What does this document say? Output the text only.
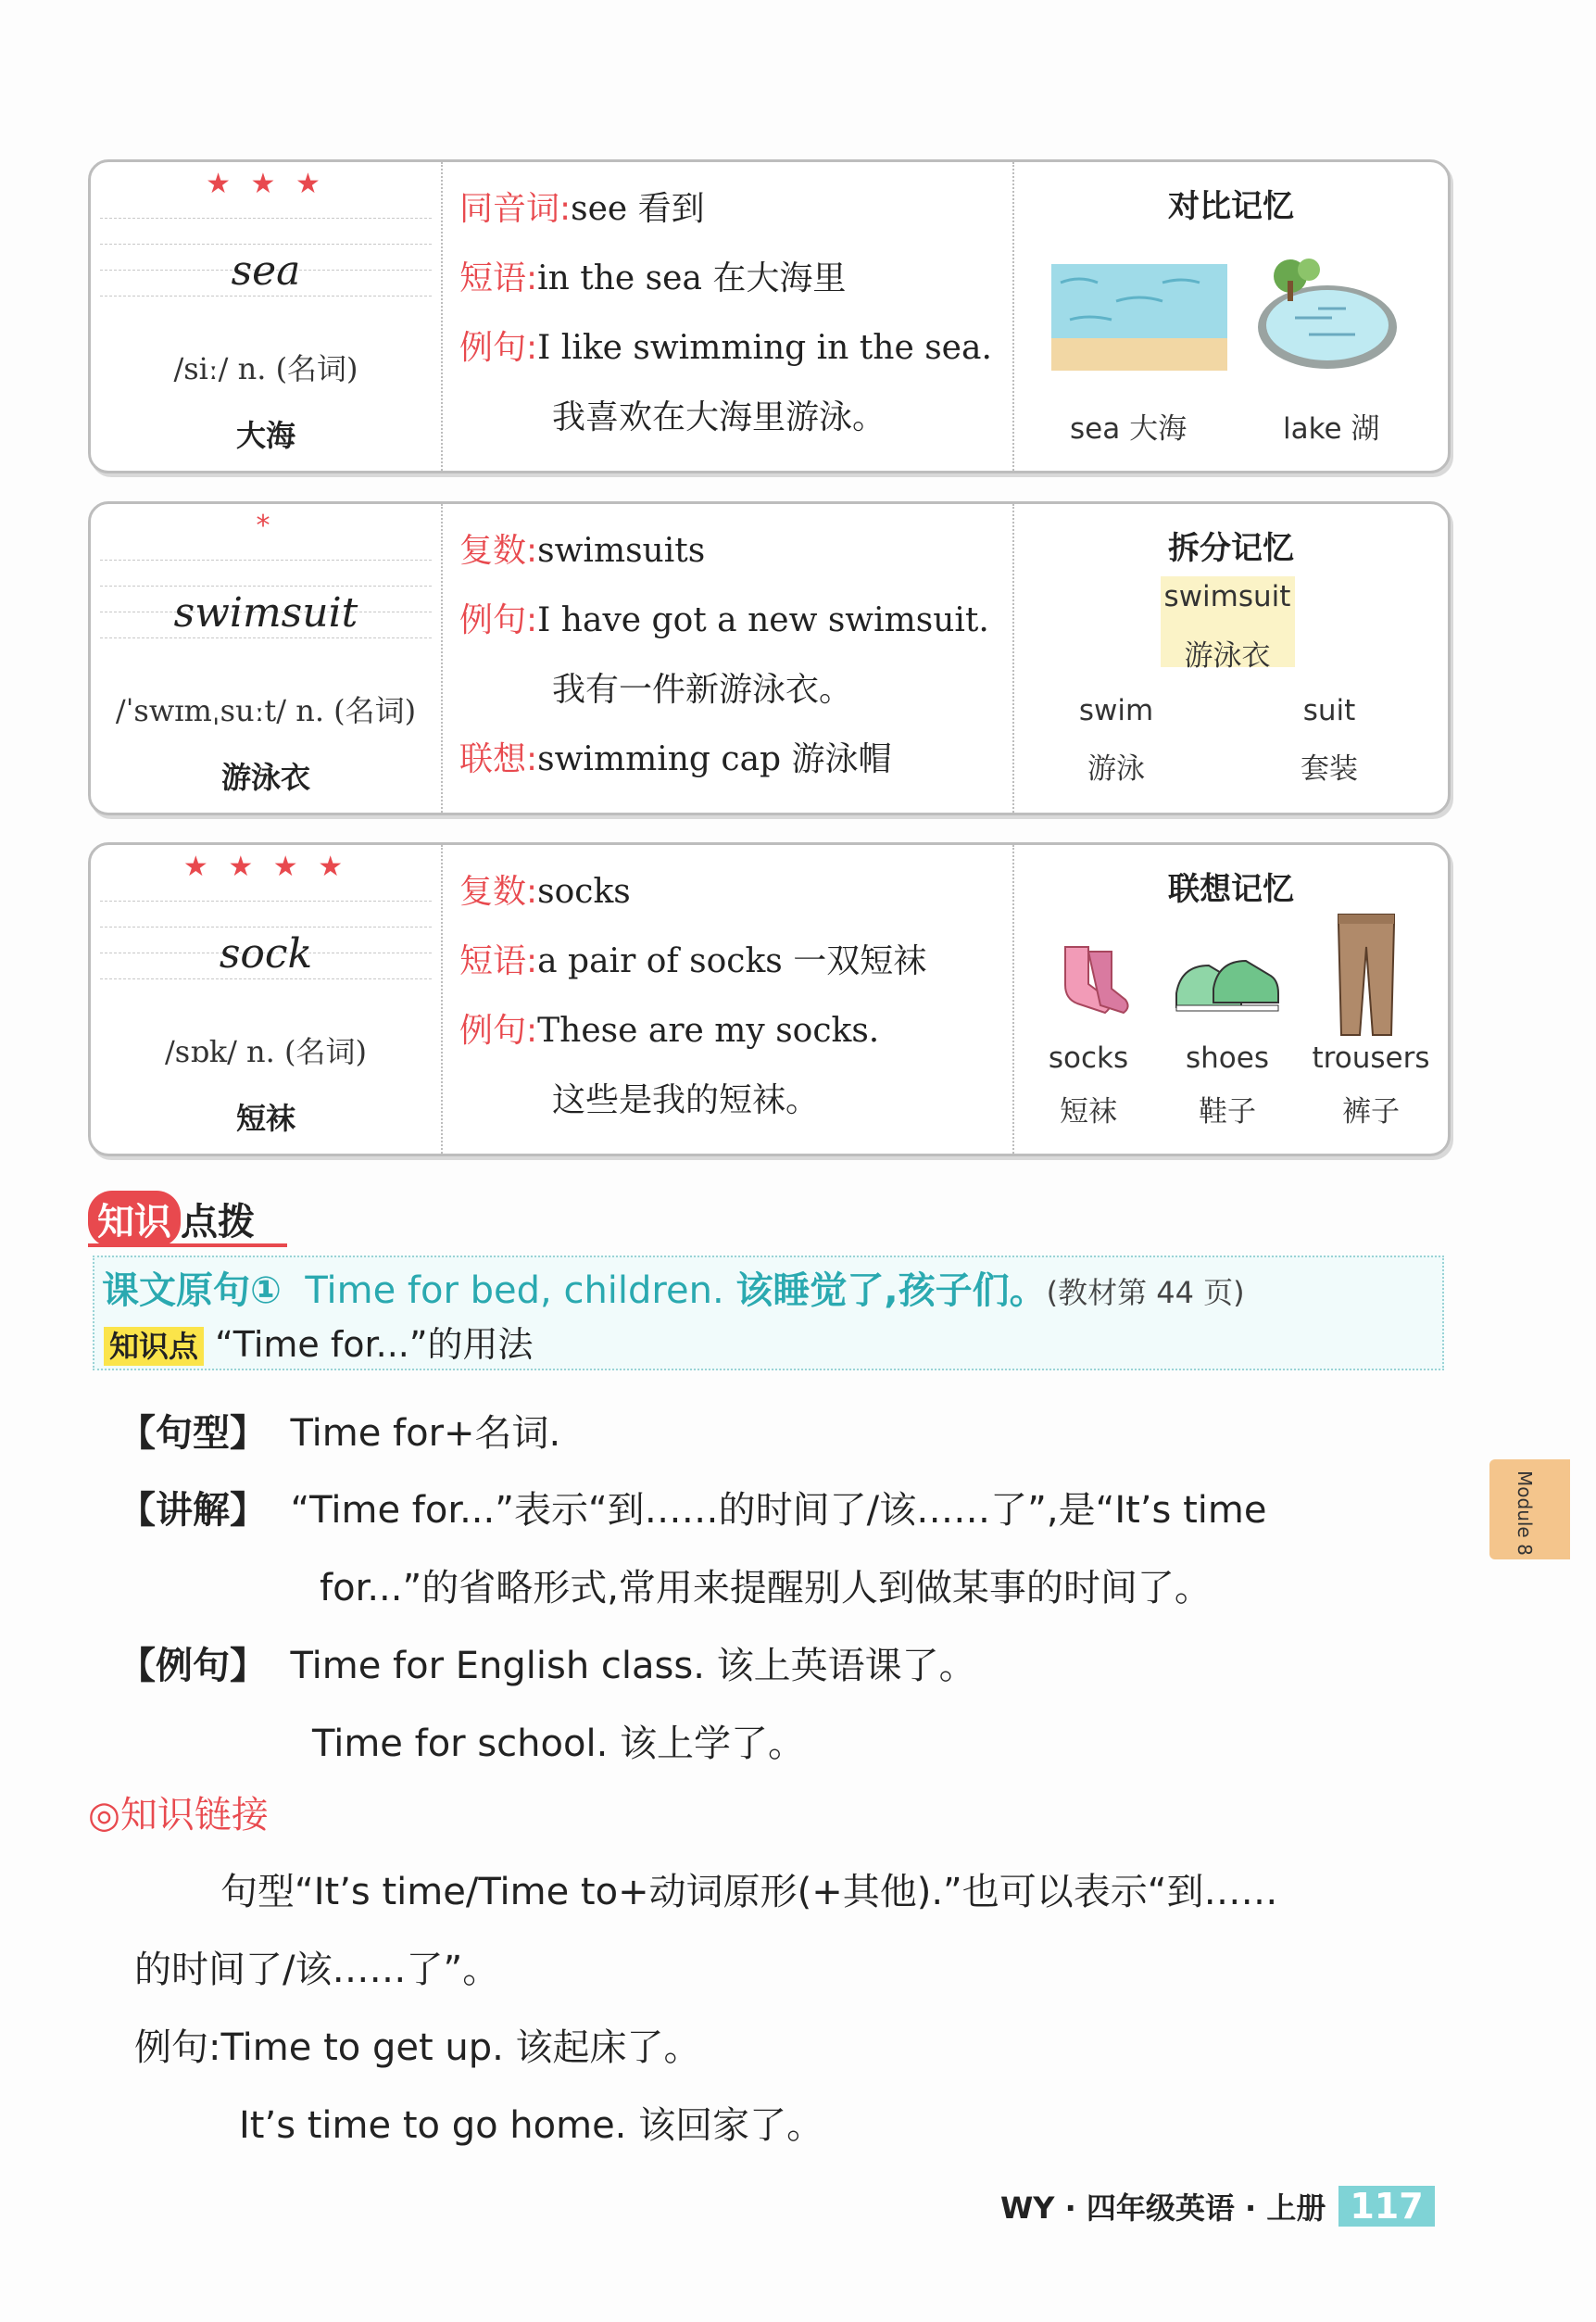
★ ★ ★
sea
/siː/ n. (名词)
大海
同音词:see 看到
短语:in the sea 在大海里
例句:I like swimming in the sea.
我喜欢在大海里游泳。
对比记忆
sea 大海	lake 湖
*
swimsuit
/ˈswɪmˌsuːt/ n. (名词)
游泳衣
复数:swimsuits
例句:I have got a new swimsuit.
我有一件新游泳衣。
联想:swimming cap 游泳帽
拆分记忆
swimsuit
游泳衣
swim
游泳
suit
套装
★ ★ ★ ★
sock
/sɒk/ n. (名词)
短袜
复数:socks
短语:a pair of socks 一双短袜
例句:These are my socks.
这些是我的短袜。
联想记忆
socks
短袜
shoes
鞋子
trousers
裤子
知识 点拨
课文原句① Time for bed, children. 该睡觉了,孩子们。(教材第 44 页)
知识点 “Time for...”的用法
【句型】 Time for+名词.
【讲解】 “Time for...”表示“到……的时间了/该……了”,是“It’s time
for...”的省略形式,常用来提醒别人到做某事的时间了。
【例句】 Time for English class. 该上英语课了。
Time for school. 该上学了。
◎知识链接
句型“It’s time/Time to+动词原形(+其他).”也可以表示“到……
的时间了/该……了”。
例句:Time to get up. 该起床了。
It’s time to go home. 该回家了。
Module 8
WY · 四年级英语 · 上册 117
